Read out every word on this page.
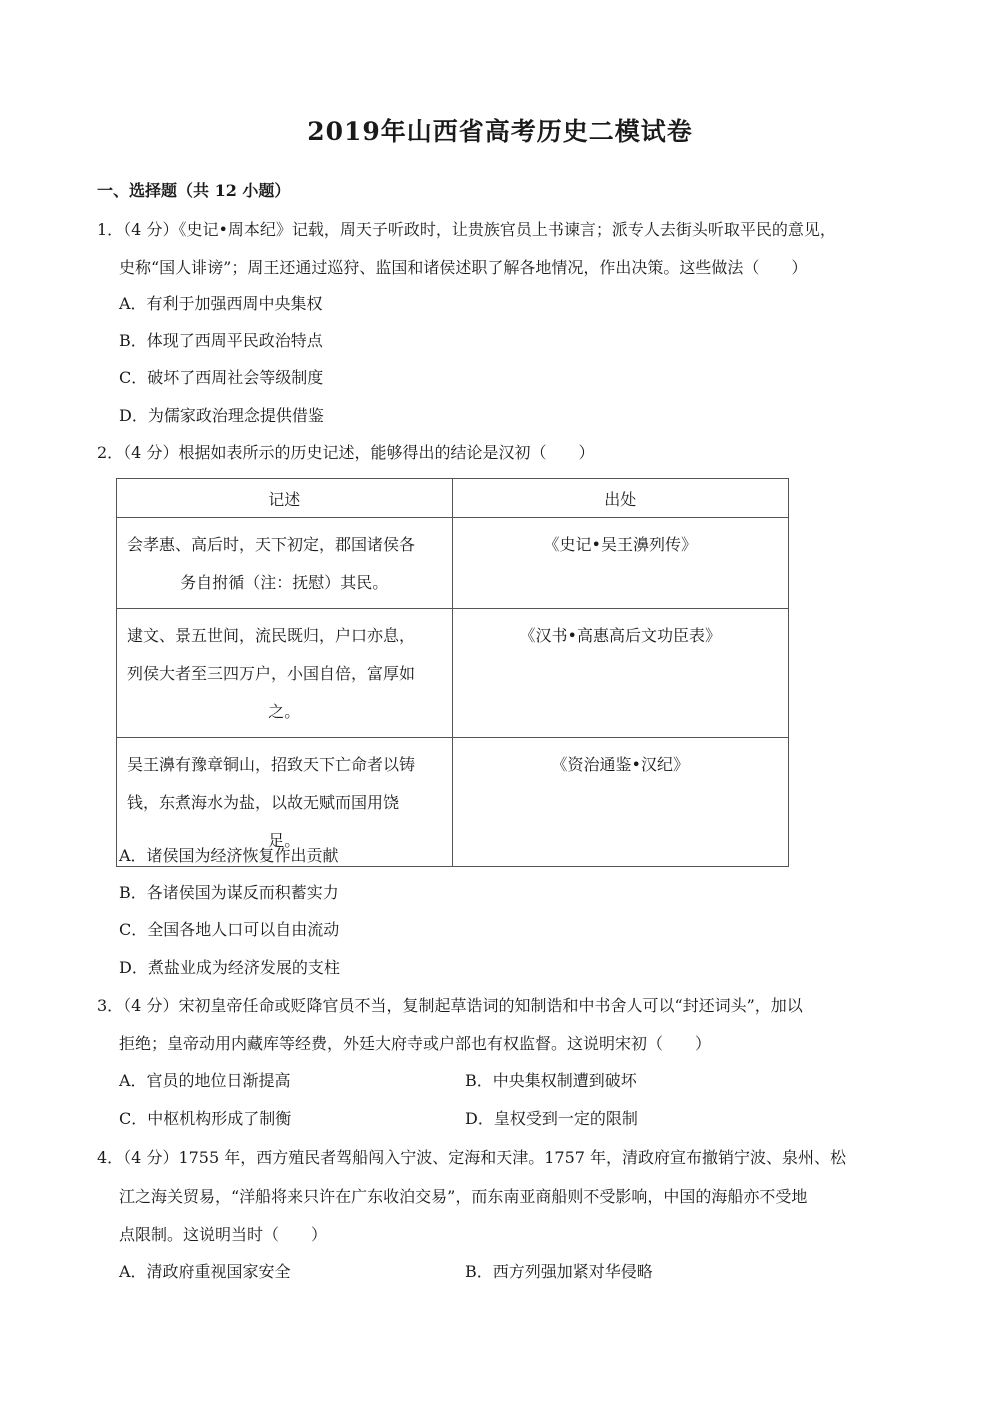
2019年山西省高考历史二模试卷
一、选择题（共 12 小题）
1．（4 分）《史记•周本纪》记载，周天子听政时，让贵族官员上书谏言；派专人去街头听取平民的意见，
史称“国人诽谤”；周王还通过巡狩、监国和诸侯述职了解各地情况，作出决策。这些做法（　　）
A．有利于加强西周中央集权
B．体现了西周平民政治特点
C．破坏了西周社会等级制度
D．为儒家政治理念提供借鉴
2．（4 分）根据如表所示的历史记述，能够得出的结论是汉初（　　）
记述	出处
会孝惠、高后时，天下初定，郡国诸侯各

务自拊循（注：抚慰）其民。	《史记•吴王濞列传》
逮文、景五世间，流民既归，户口亦息，
列侯大者至三四万户，小国自倍，富厚如

之。	《汉书•高惠高后文功臣表》
吴王濞有豫章铜山，招致天下亡命者以铸
钱，东煮海水为盐，以故无赋而国用饶

足。	《资治通鉴•汉纪》
A．诸侯国为经济恢复作出贡献
B．各诸侯国为谋反而积蓄实力
C．全国各地人口可以自由流动
D．煮盐业成为经济发展的支柱
3．（4 分）宋初皇帝任命或贬降官员不当，复制起草诰词的知制诰和中书舍人可以“封还词头”，加以
拒绝；皇帝动用内藏库等经费，外廷大府寺或户部也有权监督。这说明宋初（　　）
A．官员的地位日渐提高	B．中央集权制遭到破坏
C．中枢机构形成了制衡	D．皇权受到一定的限制
4．（4 分）1755 年，西方殖民者驾船闯入宁波、定海和天津。1757 年，清政府宣布撤销宁波、泉州、松
江之海关贸易，“洋船将来只许在广东收泊交易”，而东南亚商船则不受影响，中国的海船亦不受地
点限制。这说明当时（　　）
A．清政府重视国家安全	B．西方列强加紧对华侵略
